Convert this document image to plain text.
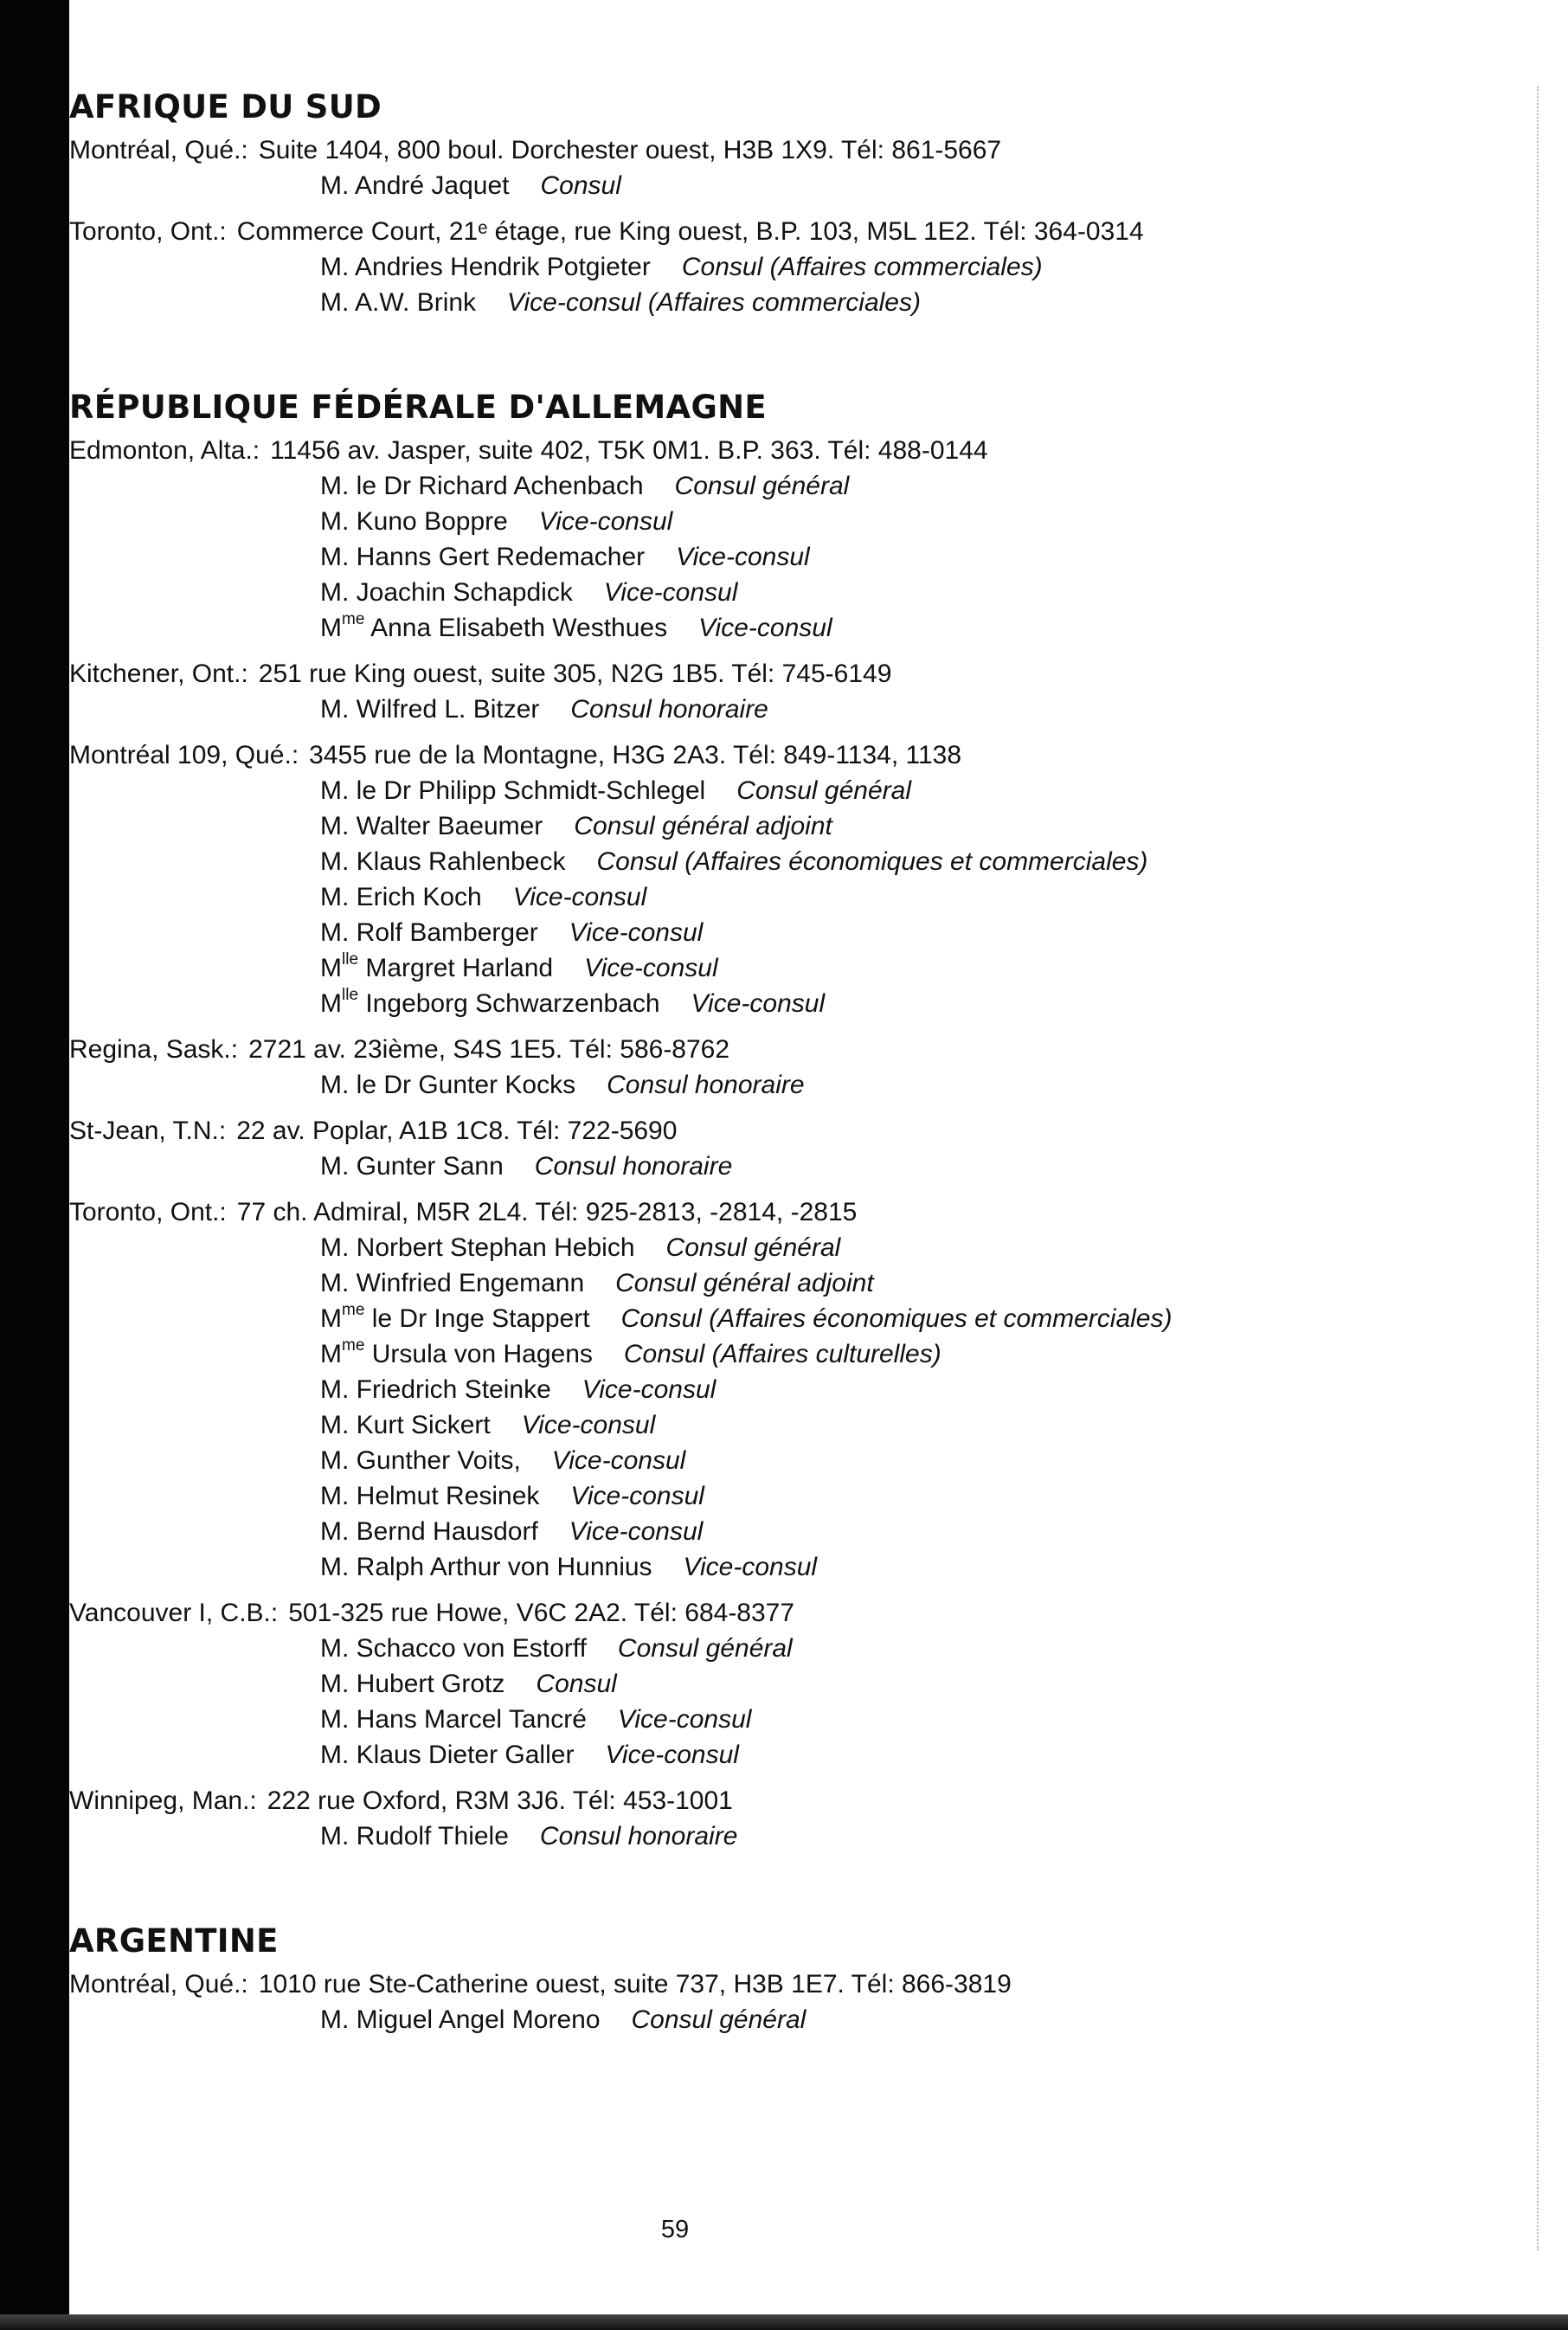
AFRIQUE DU SUD
Montréal, Qué.: Suite 1404, 800 boul. Dorchester ouest, H3B 1X9. Tél: 861-5667
M. André Jaquet Consul
Toronto, Ont.: Commerce Court, 21ᵉ étage, rue King ouest, B.P. 103, M5L 1E2. Tél: 364-0314
M. Andries Hendrik Potgieter Consul (Affaires commerciales)
M. A.W. Brink Vice-consul (Affaires commerciales)
RÉPUBLIQUE FÉDÉRALE D'ALLEMAGNE
Edmonton, Alta.: 11456 av. Jasper, suite 402, T5K 0M1. B.P. 363. Tél: 488-0144
M. le Dr Richard Achenbach Consul général
M. Kuno Boppre Vice-consul
M. Hanns Gert Redemacher Vice-consul
M. Joachin Schapdick Vice-consul
$M^{me}$ Anna Elisabeth Westhues Vice-consul
Kitchener, Ont.: 251 rue King ouest, suite 305, N2G 1B5. Tél: 745-6149
M. Wilfred L. Bitzer Consul honoraire
Montréal 109, Qué.: 3455 rue de la Montagne, H3G 2A3. Tél: 849-1134, 1138
M. le Dr Philipp Schmidt-Schlegel Consul général
M. Walter Baeumer Consul général adjoint
M. Klaus Rahlenbeck Consul (Affaires économiques et commerciales)
M. Erich Koch Vice-consul
M. Rolf Bamberger Vice-consul
$M^{lle}$ Margret Harland Vice-consul
$M^{lle}$ Ingeborg Schwarzenbach Vice-consul
Regina, Sask.: 2721 av. 23ième, S4S 1E5. Tél: 586-8762
M. le Dr Gunter Kocks Consul honoraire
St-Jean, T.N.: 22 av. Poplar, A1B 1C8. Tél: 722-5690
M. Gunter Sann Consul honoraire
Toronto, Ont.: 77 ch. Admiral, M5R 2L4. Tél: 925-2813, -2814, -2815
M. Norbert Stephan Hebich Consul général
M. Winfried Engemann Consul général adjoint
$M^{me}$ le Dr Inge Stappert Consul (Affaires économiques et commerciales)
$M^{me}$ Ursula von Hagens Consul (Affaires culturelles)
M. Friedrich Steinke Vice-consul
M. Kurt Sickert Vice-consul
M. Gunther Voits, Vice-consul
M. Helmut Resinek Vice-consul
M. Bernd Hausdorf Vice-consul
M. Ralph Arthur von Hunnius Vice-consul
Vancouver I, C.B.: 501-325 rue Howe, V6C 2A2. Tél: 684-8377
M. Schacco von Estorff Consul général
M. Hubert Grotz Consul
M. Hans Marcel Tancré Vice-consul
M. Klaus Dieter Galler Vice-consul
Winnipeg, Man.: 222 rue Oxford, R3M 3J6. Tél: 453-1001
M. Rudolf Thiele Consul honoraire
ARGENTINE
Montréal, Qué.: 1010 rue Ste-Catherine ouest, suite 737, H3B 1E7. Tél: 866-3819
M. Miguel Angel Moreno Consul général
59
